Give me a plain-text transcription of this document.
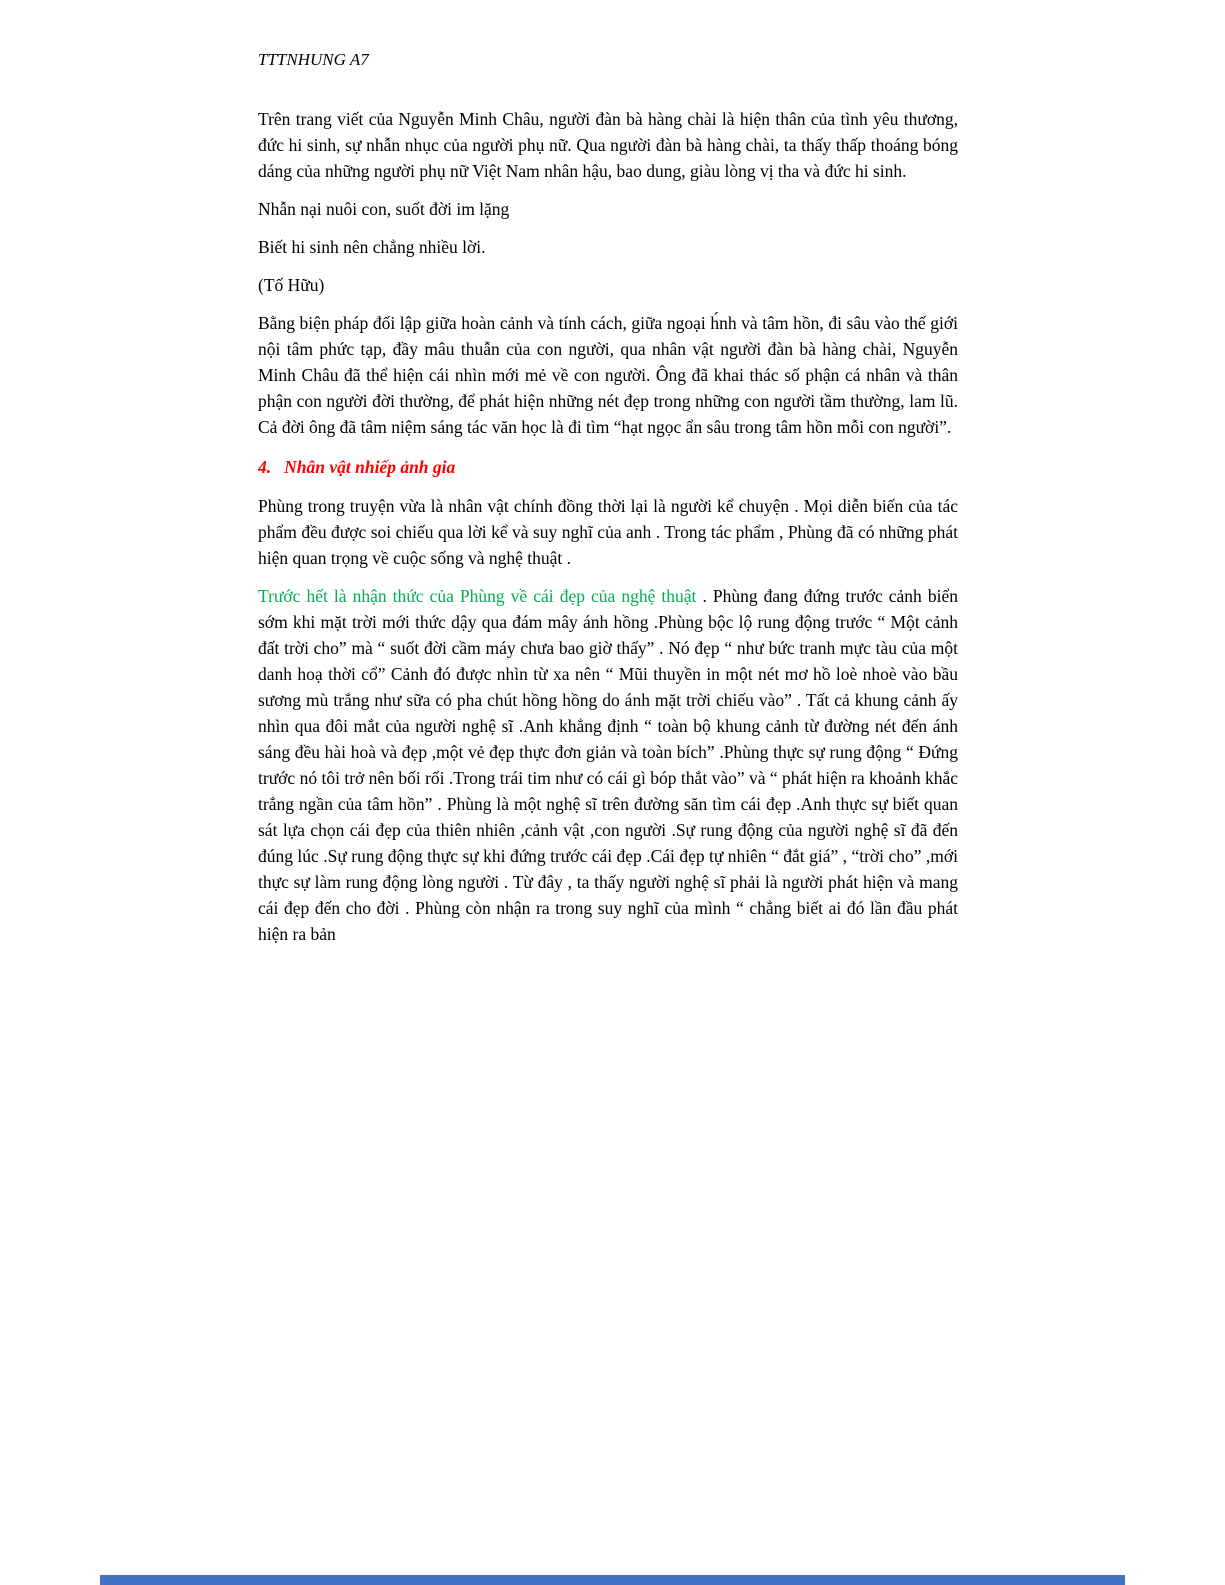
TTTNHUNG A7

Trên trang viết của Nguyễn Minh Châu, người đàn bà hàng chài là hiện thân của tình yêu thương, đức hi sinh, sự nhẫn nhục của người phụ nữ. Qua người đàn bà hàng chài, ta thấy thấp thoáng bóng dáng của những người phụ nữ Việt Nam nhân hậu, bao dung, giàu lòng vị tha và đức hi sinh.

Nhẫn nại nuôi con, suốt đời im lặng

Biết hi sinh nên chẳng nhiều lời.

(Tố Hữu)

Bằng biện pháp đối lập giữa hoàn cảnh và tính cách, giữa ngoại h́nh và tâm hồn, đi sâu vào thế giới nội tâm phức tạp, đầy mâu thuẫn của con người, qua nhân vật người đàn bà hàng chài, Nguyễn Minh Châu đã thể hiện cái nhìn mới mẻ về con người. Ông đã khai thác số phận cá nhân và thân phận con người đời thường, để phát hiện những nét đẹp trong những con người tầm thường, lam lũ. Cả đời ông đã tâm niệm sáng tác văn học là đi tìm “hạt ngọc ẩn sâu trong tâm hồn mỗi con người”.

4. Nhân vật nhiếp ảnh gia

Phùng trong truyện vừa là nhân vật chính đồng thời lại là người kể chuyện . Mọi diễn biến của tác phẩm đều được soi chiếu qua lời kể và suy nghĩ của anh . Trong tác phẩm , Phùng đã có những phát hiện quan trọng về cuộc sống và nghệ thuật .

Trước hết là nhận thức của Phùng về cái đẹp của nghệ thuật . Phùng đang đứng trước cảnh biển sớm khi mặt trời mới thức dậy qua đám mây ánh hồng .Phùng bộc lộ rung động trước “ Một cảnh đất trời cho” mà “ suốt đời cầm máy chưa bao giờ thấy” . Nó đẹp “ như bức tranh mực tàu của một danh hoạ thời cổ” Cảnh đó được nhìn từ xa nên “ Mũi thuyền in một nét mơ hồ loè nhoè vào bầu sương mù trắng như sữa có pha chút hồng hồng do ánh mặt trời chiếu vào” . Tất cả khung cảnh ấy nhìn qua đôi mắt của người nghệ sĩ .Anh khẳng định “ toàn bộ khung cảnh từ đường nét đến ánh sáng đều hài hoà và đẹp ,một vẻ đẹp thực đơn giản và toàn bích” .Phùng thực sự rung động “ Đứng trước nó tôi trở nên bối rối .Trong trái tim như có cái gì bóp thắt vào” và “ phát hiện ra khoảnh khắc trắng ngần của tâm hồn” . Phùng là một nghệ sĩ trên đường săn tìm cái đẹp .Anh thực sự biết quan sát lựa chọn cái đẹp của thiên nhiên ,cảnh vật ,con người .Sự rung động của người nghệ sĩ đã đến đúng lúc .Sự rung động thực sự khi đứng trước cái đẹp .Cái đẹp tự nhiên “ đắt giá” , “trời cho” ,mới thực sự làm rung động lòng người . Từ đây , ta thấy người nghệ sĩ phải là người phát hiện và mang cái đẹp đến cho đời . Phùng còn nhận ra trong suy nghĩ của mình “ chẳng biết ai đó lần đầu phát hiện ra bản
